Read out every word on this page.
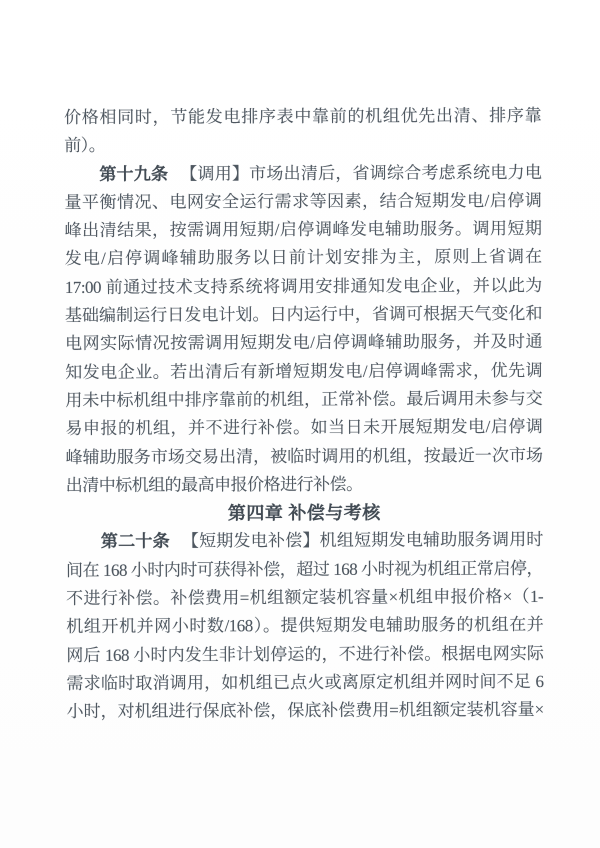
价格相同时，节能发电排序表中靠前的机组优先出清、排序靠
前）。
第十九条 【调用】市场出清后，省调综合考虑系统电力电
量平衡情况、电网安全运行需求等因素，结合短期发电/启停调
峰出清结果，按需调用短期/启停调峰发电辅助服务。调用短期
发电/启停调峰辅助服务以日前计划安排为主，原则上省调在
17:00 前通过技术支持系统将调用安排通知发电企业，并以此为
基础编制运行日发电计划。日内运行中，省调可根据天气变化和
电网实际情况按需调用短期发电/启停调峰辅助服务，并及时通
知发电企业。若出清后有新增短期发电/启停调峰需求，优先调
用未中标机组中排序靠前的机组，正常补偿。最后调用未参与交
易申报的机组，并不进行补偿。如当日未开展短期发电/启停调
峰辅助服务市场交易出清，被临时调用的机组，按最近一次市场
出清中标机组的最高申报价格进行补偿。
第四章 补偿与考核
第二十条 【短期发电补偿】机组短期发电辅助服务调用时
间在 168 小时内时可获得补偿，超过 168 小时视为机组正常启停，
不进行补偿。补偿费用=机组额定装机容量×机组申报价格×（1-
机组开机并网小时数/168）。提供短期发电辅助服务的机组在并
网后 168 小时内发生非计划停运的，不进行补偿。根据电网实际
需求临时取消调用，如机组已点火或离原定机组并网时间不足 6
小时，对机组进行保底补偿，保底补偿费用=机组额定装机容量×
